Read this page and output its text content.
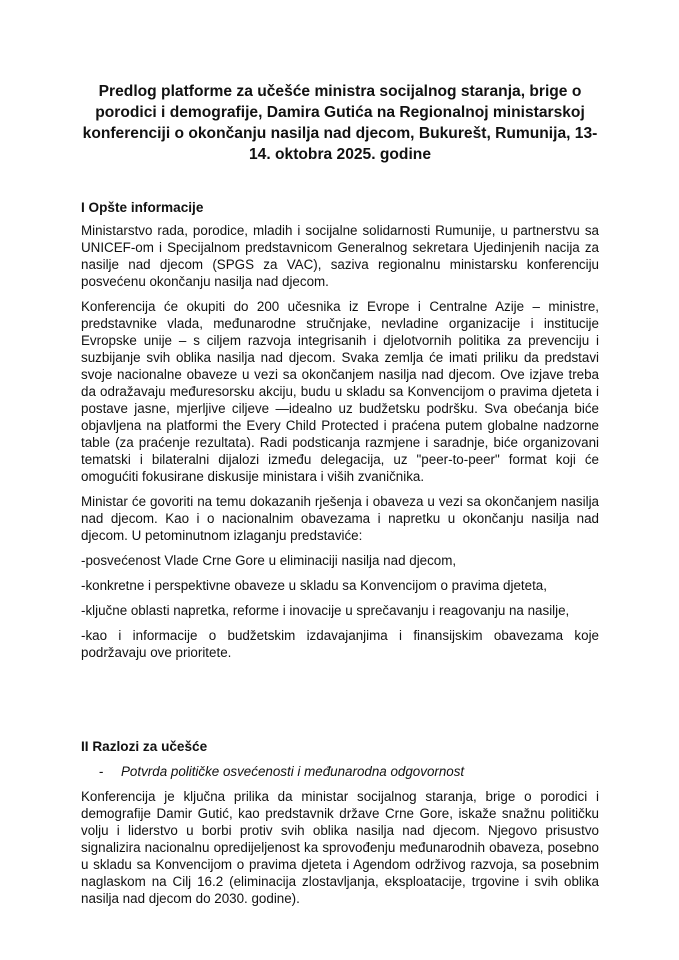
Predlog platforme za učešće ministra socijalnog staranja, brige o porodici i demografije, Damira Gutića na Regionalnoj ministarskoj konferenciji o okončanju nasilja nad djecom, Bukurešt, Rumunija, 13-14. oktobra 2025. godine
I Opšte informacije

Ministarstvo rada, porodice, mladih i socijalne solidarnosti Rumunije, u partnerstvu sa UNICEF-om i Specijalnom predstavnicom Generalnog sekretara Ujedinjenih nacija za nasilje nad djecom (SPGS za VAC), saziva regionalnu ministarsku konferenciju posvećenu okončanju nasilja nad djecom.

Konferencija će okupiti do 200 učesnika iz Evrope i Centralne Azije – ministre, predstavnike vlada, međunarodne stručnjake, nevladine organizacije i institucije Evropske unije – s ciljem razvoja integrisanih i djelotvornih politika za prevenciju i suzbijanje svih oblika nasilja nad djecom. Svaka zemlja će imati priliku da predstavi svoje nacionalne obaveze u vezi sa okončanjem nasilja nad djecom. Ove izjave treba da odražavaju međuresorsku akciju, budu u skladu sa Konvencijom o pravima djeteta i postave jasne, mjerljive ciljeve —idealno uz budžetsku podršku. Sva obećanja biće objavljena na platformi the Every Child Protected i praćena putem globalne nadzorne table (za praćenje rezultata). Radi podsticanja razmjene i saradnje, biće organizovani tematski i bilateralni dijalozi između delegacija, uz "peer-to-peer" format koji će omogućiti fokusirane diskusije ministara i viših zvaničnika.

Ministar će govoriti na temu dokazanih rješenja i obaveza u vezi sa okončanjem nasilja nad djecom. Kao i o nacionalnim obavezama i napretku u okončanju nasilja nad djecom. U petominutnom izlaganju predstaviće:

-posvećenost Vlade Crne Gore u eliminaciji nasilja nad djecom,

-konkretne i perspektivne obaveze u skladu sa Konvencijom o pravima djeteta,

-ključne oblasti napretka, reforme i inovacije u sprečavanju i reagovanju na nasilje,

-kao i informacije o budžetskim izdavajanjima i finansijskim obavezama koje podržavaju ove prioritete.

II Razlozi za učešće
-	Potvrda političke osvećenosti i međunarodna odgovornost

Konferencija je ključna prilika da ministar socijalnog staranja, brige o porodici i demografije Damir Gutić, kao predstavnik države Crne Gore, iskaže snažnu političku volju i liderstvo u borbi protiv svih oblika nasilja nad djecom. Njegovo prisustvo signalizira nacionalnu opredijeljenost ka sprovođenju međunarodnih obaveza, posebno u skladu sa Konvencijom o pravima djeteta i Agendom održivog razvoja, sa posebnim naglaskom na Cilj 16.2 (eliminacija zlostavljanja, eksploatacije, trgovine i svih oblika nasilja nad djecom do 2030. godine).
